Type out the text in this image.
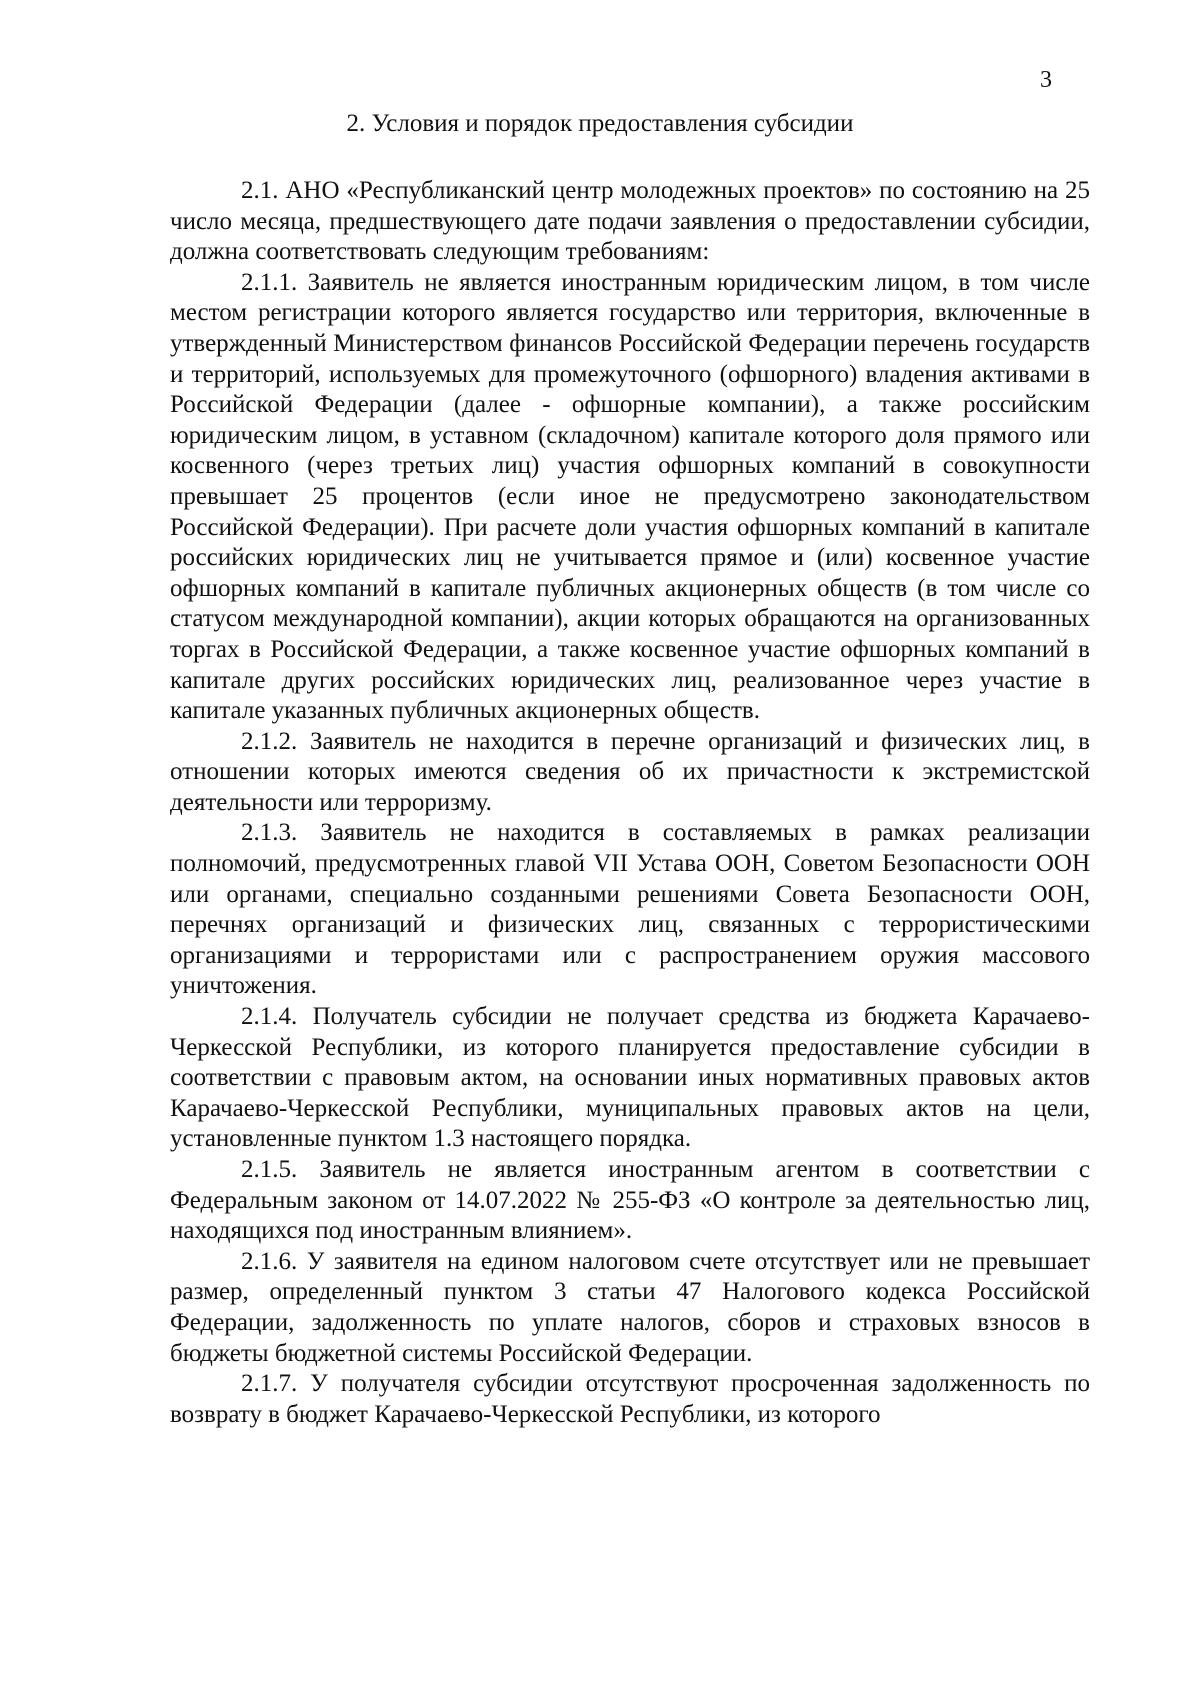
3
2. Условия и порядок предоставления субсидии

2.1. АНО «Республиканский центр молодежных проектов» по состоянию на 25 число месяца, предшествующего дате подачи заявления о предоставлении субсидии, должна соответствовать следующим требованиям:

2.1.1. Заявитель не является иностранным юридическим лицом, в том числе местом регистрации которого является государство или территория, включенные в утвержденный Министерством финансов Российской Федерации перечень государств и территорий, используемых для промежуточного (офшорного) владения активами в Российской Федерации (далее - офшорные компании), а также российским юридическим лицом, в уставном (складочном) капитале которого доля прямого или косвенного (через третьих лиц) участия офшорных компаний в совокупности превышает 25 процентов (если иное не предусмотрено законодательством Российской Федерации). При расчете доли участия офшорных компаний в капитале российских юридических лиц не учитывается прямое и (или) косвенное участие офшорных компаний в капитале публичных акционерных обществ (в том числе со статусом международной компании), акции которых обращаются на организованных торгах в Российской Федерации, а также косвенное участие офшорных компаний в капитале других российских юридических лиц, реализованное через участие в капитале указанных публичных акционерных обществ.

2.1.2. Заявитель не находится в перечне организаций и физических лиц, в отношении которых имеются сведения об их причастности к экстремистской деятельности или терроризму.

2.1.3. Заявитель не находится в составляемых в рамках реализации полномочий, предусмотренных главой VII Устава ООН, Советом Безопасности ООН или органами, специально созданными решениями Совета Безопасности ООН, перечнях организаций и физических лиц, связанных с террористическими организациями и террористами или с распространением оружия массового уничтожения.

2.1.4. Получатель субсидии не получает средства из бюджета Карачаево-Черкесской Республики, из которого планируется предоставление субсидии в соответствии с правовым актом, на основании иных нормативных правовых актов Карачаево-Черкесской Республики, муниципальных правовых актов на цели, установленные пунктом 1.3 настоящего порядка.

2.1.5. Заявитель не является иностранным агентом в соответствии с Федеральным законом от 14.07.2022 № 255-ФЗ «О контроле за деятельностью лиц, находящихся под иностранным влиянием».

2.1.6. У заявителя на едином налоговом счете отсутствует или не превышает размер, определенный пунктом 3 статьи 47 Налогового кодекса Российской Федерации, задолженность по уплате налогов, сборов и страховых взносов в бюджеты бюджетной системы Российской Федерации.

2.1.7. У получателя субсидии отсутствуют просроченная задолженность по возврату в бюджет Карачаево-Черкесской Республики, из которого
